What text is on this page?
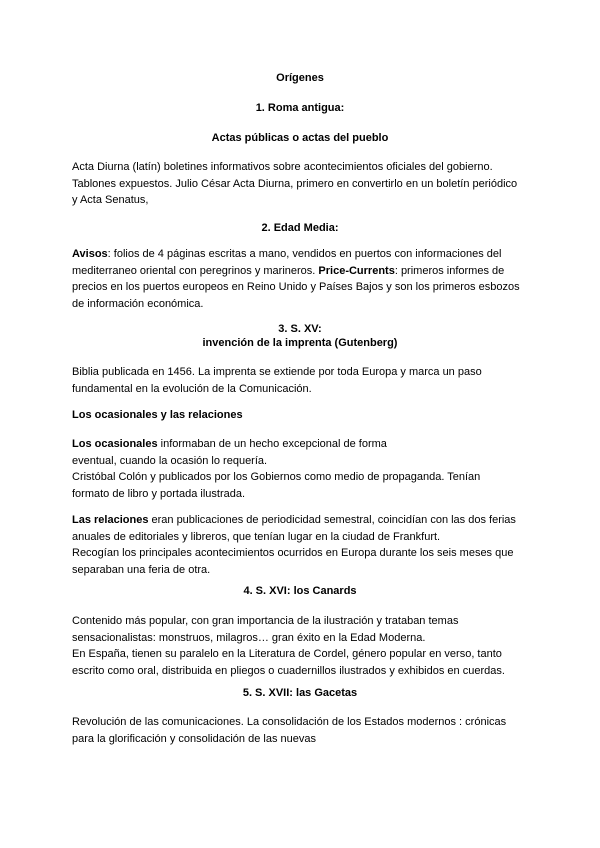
Orígenes
1. Roma antigua:
Actas públicas o actas del pueblo
Acta Diurna (latín) boletines informativos sobre acontecimientos oficiales del gobierno.
Tablones expuestos. Julio César Acta Diurna, primero en convertirlo en un boletín periódico
y Acta Senatus,
2. Edad Media:
Avisos: folios de 4 páginas escritas a mano, vendidos en puertos con informaciones del
mediterraneo oriental con peregrinos y marineros. Price-Currents: primeros informes de
precios en los puertos europeos en Reino Unido y Países Bajos y son los primeros esbozos
de información económica.
3. S. XV:
invención de la imprenta (Gutenberg)
Biblia publicada en 1456. La imprenta se extiende por toda Europa y marca un paso
fundamental en la evolución de la Comunicación.
Los ocasionales y las relaciones
Los ocasionales informaban de un hecho excepcional de forma
eventual, cuando la ocasión lo requería.
Cristóbal Colón y publicados por los Gobiernos como medio de propaganda. Tenían
formato de libro y portada ilustrada.
Las relaciones eran publicaciones de periodicidad semestral, coincidían con las dos ferias
anuales de editoriales y libreros, que tenían lugar en la ciudad de Frankfurt.
Recogían los principales acontecimientos ocurridos en Europa durante los seis meses que
separaban una feria de otra.
4. S. XVI: los Canards
Contenido más popular, con gran importancia de la ilustración y trataban temas
sensacionalistas: monstruos, milagros… gran éxito en la Edad Moderna.
En España, tienen su paralelo en la Literatura de Cordel, género popular en verso, tanto
escrito como oral, distribuida en pliegos o cuadernillos ilustrados y exhibidos en cuerdas.
5. S. XVII: las Gacetas
Revolución de las comunicaciones. La consolidación de los Estados modernos : crónicas
para la glorificación y consolidación de las nuevas
